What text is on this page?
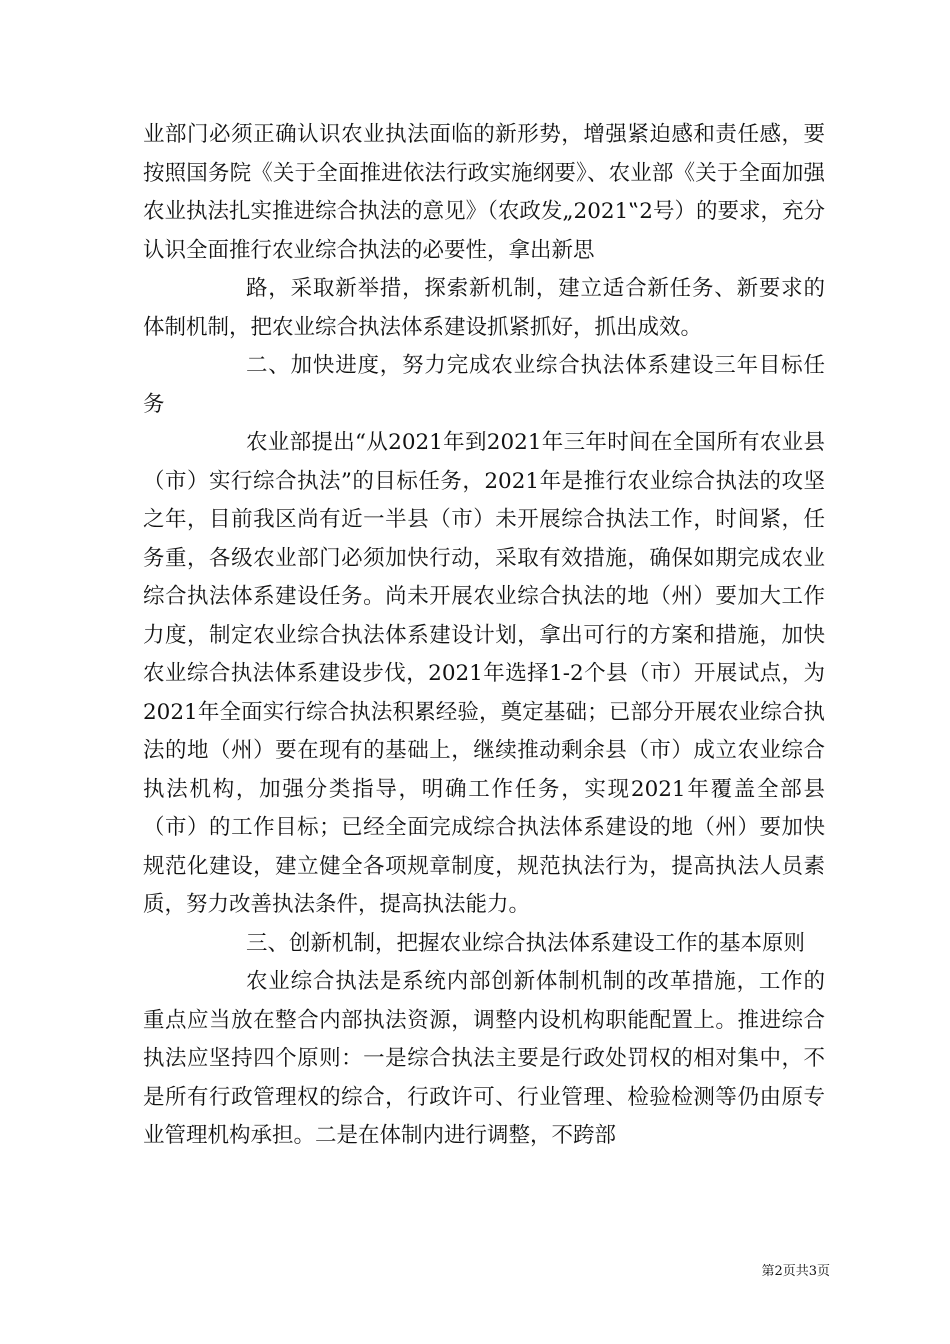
业部门必须正确认识农业执法面临的新形势，增强紧迫感和责任感，要按照国务院《关于全面推进依法行政实施纲要》、农业部《关于全面加强农业执法扎实推进综合执法的意见》（农政发„2021‟2号）的要求，充分认识全面推行农业综合执法的必要性，拿出新思

路，采取新举措，探索新机制，建立适合新任务、新要求的体制机制，把农业综合执法体系建设抓紧抓好，抓出成效。

二、加快进度，努力完成农业综合执法体系建设三年目标任务

农业部提出“从2021年到2021年三年时间在全国所有农业县（市）实行综合执法”的目标任务，2021年是推行农业综合执法的攻坚之年，目前我区尚有近一半县（市）未开展综合执法工作，时间紧，任务重，各级农业部门必须加快行动，采取有效措施，确保如期完成农业综合执法体系建设任务。尚未开展农业综合执法的地（州）要加大工作力度，制定农业综合执法体系建设计划，拿出可行的方案和措施，加快农业综合执法体系建设步伐，2021年选择1-2个县（市）开展试点，为2021年全面实行综合执法积累经验，奠定基础；已部分开展农业综合执法的地（州）要在现有的基础上，继续推动剩余县（市）成立农业综合执法机构，加强分类指导，明确工作任务，实现2021年覆盖全部县（市）的工作目标；已经全面完成综合执法体系建设的地（州）要加快规范化建设，建立健全各项规章制度，规范执法行为，提高执法人员素质，努力改善执法条件，提高执法能力。

三、创新机制，把握农业综合执法体系建设工作的基本原则

农业综合执法是系统内部创新体制机制的改革措施，工作的重点应当放在整合内部执法资源，调整内设机构职能配置上。推进综合执法应坚持四个原则：一是综合执法主要是行政处罚权的相对集中，不是所有行政管理权的综合，行政许可、行业管理、检验检测等仍由原专业管理机构承担。二是在体制内进行调整，不跨部

第2页共3页
